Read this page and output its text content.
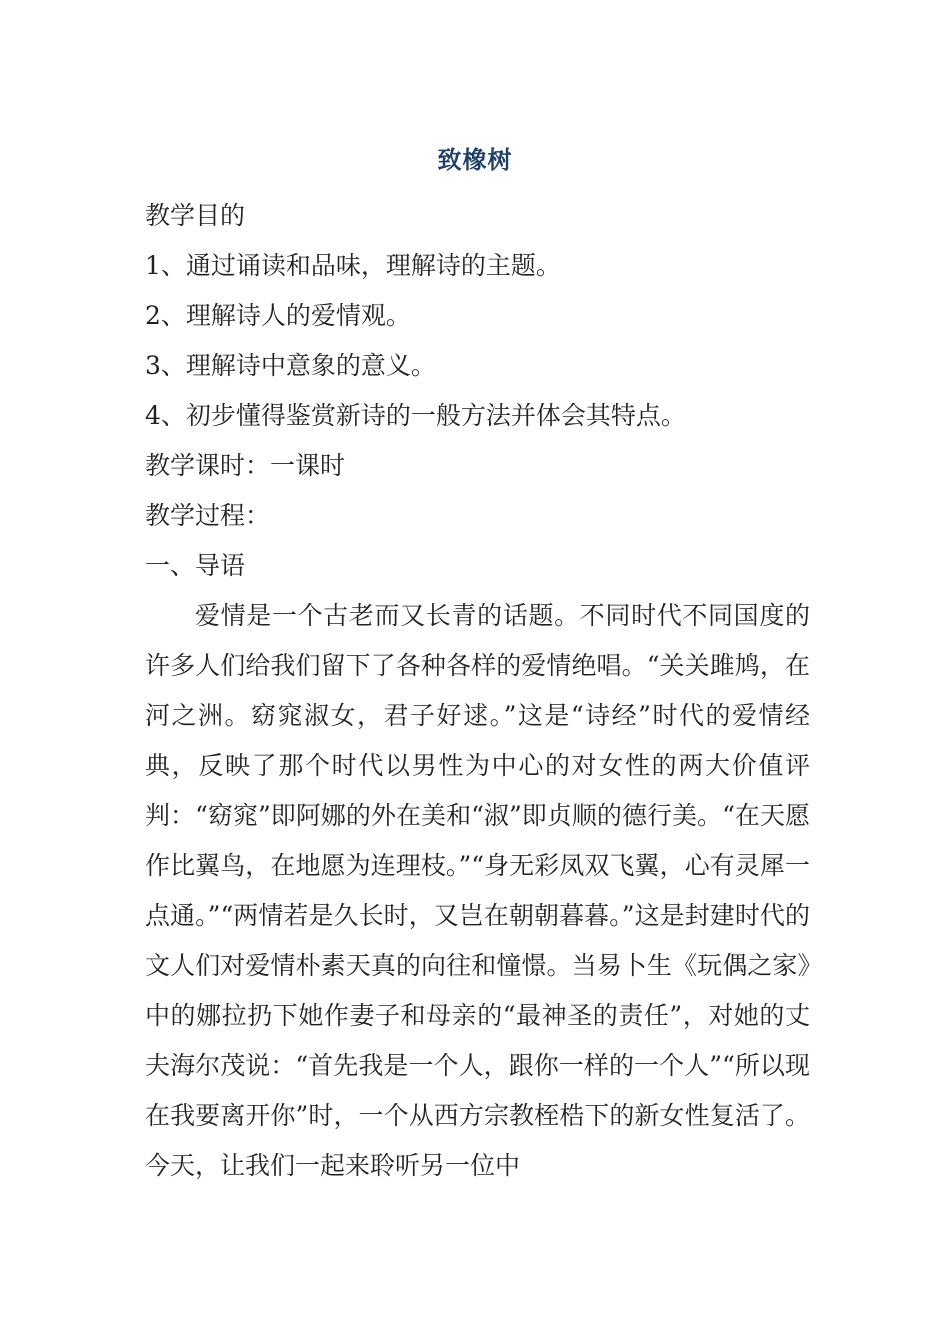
致橡树
教学目的
1、通过诵读和品味，理解诗的主题。
2、理解诗人的爱情观。
3、理解诗中意象的意义。
4、初步懂得鉴赏新诗的一般方法并体会其特点。
教学课时：一课时
教学过程：
一、导语
爱情是一个古老而又长青的话题。不同时代不同国度的许多人们给我们留下了各种各样的爱情绝唱。“关关雎鸠，在河之洲。窈窕淑女，君子好逑。”这是“诗经”时代的爱情经典，反映了那个时代以男性为中心的对女性的两大价值评判：“窈窕”即阿娜的外在美和“淑”即贞顺的德行美。“在天愿作比翼鸟，在地愿为连理枝。”“身无彩凤双飞翼，心有灵犀一点通。”“两情若是久长时，又岂在朝朝暮暮。”这是封建时代的文人们对爱情朴素天真的向往和憧憬。当易卜生《玩偶之家》中的娜拉扔下她作妻子和母亲的“最神圣的责任”，对她的丈夫海尔茂说：“首先我是一个人，跟你一样的一个人”“所以现在我要离开你”时，一个从西方宗教桎梏下的新女性复活了。今天，让我们一起来聆听另一位中
